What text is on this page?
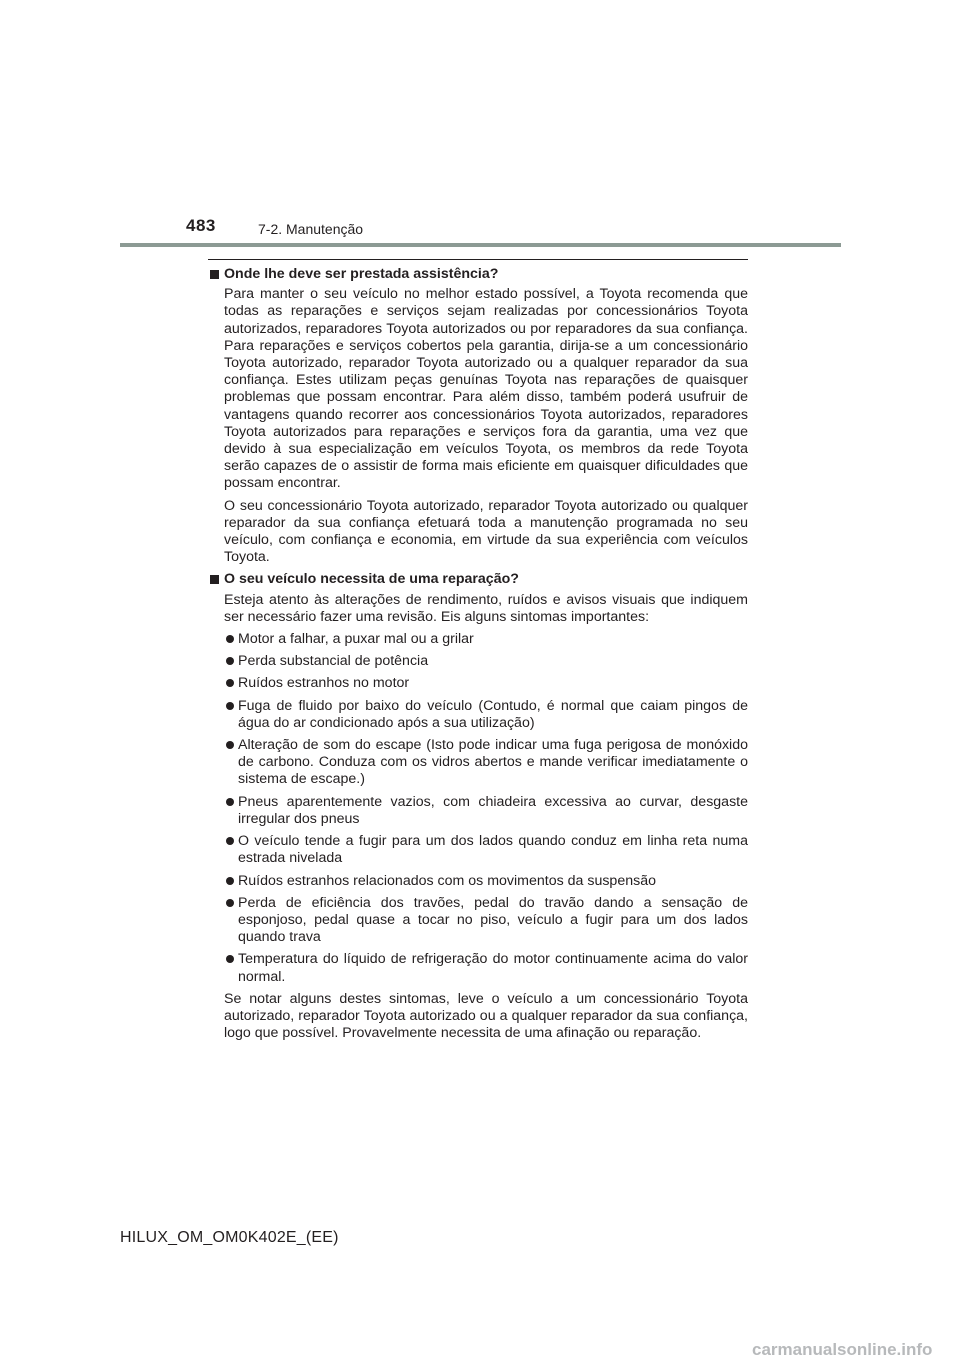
483	7-2. Manutenção
Onde lhe deve ser prestada assistência?
Para manter o seu veículo no melhor estado possível, a Toyota recomenda que todas as reparações e serviços sejam realizadas por concessionários Toyota autorizados, reparadores Toyota autorizados ou por reparadores da sua confiança. Para reparações e serviços cobertos pela garantia, dirija-se a um concessionário Toyota autorizado, reparador Toyota autorizado ou a qualquer reparador da sua confiança. Estes utilizam peças genuínas Toyota nas reparações de quaisquer problemas que possam encontrar. Para além disso, também poderá usufruir de vantagens quando recorrer aos concessionários Toyota autorizados, reparadores Toyota autorizados para reparações e serviços fora da garantia, uma vez que devido à sua especialização em veículos Toyota, os membros da rede Toyota serão capazes de o assistir de forma mais eficiente em quaisquer dificuldades que possam encontrar.
O seu concessionário Toyota autorizado, reparador Toyota autorizado ou qualquer reparador da sua confiança efetuará toda a manutenção programada no seu veículo, com confiança e economia, em virtude da sua experiência com veículos Toyota.
O seu veículo necessita de uma reparação?
Esteja atento às alterações de rendimento, ruídos e avisos visuais que indiquem ser necessário fazer uma revisão. Eis alguns sintomas importantes:
Motor a falhar, a puxar mal ou a grilar
Perda substancial de potência
Ruídos estranhos no motor
Fuga de fluido por baixo do veículo (Contudo, é normal que caiam pingos de água do ar condicionado após a sua utilização)
Alteração de som do escape (Isto pode indicar uma fuga perigosa de monóxido de carbono. Conduza com os vidros abertos e mande verificar imediatamente o sistema de escape.)
Pneus aparentemente vazios, com chiadeira excessiva ao curvar, desgaste irregular dos pneus
O veículo tende a fugir para um dos lados quando conduz em linha reta numa estrada nivelada
Ruídos estranhos relacionados com os movimentos da suspensão
Perda de eficiência dos travões, pedal do travão dando a sensação de esponjoso, pedal quase a tocar no piso, veículo a fugir para um dos lados quando trava
Temperatura do líquido de refrigeração do motor continuamente acima do valor normal.
Se notar alguns destes sintomas, leve o veículo a um concessionário Toyota autorizado, reparador Toyota autorizado ou a qualquer reparador da sua confiança, logo que possível. Provavelmente necessita de uma afinação ou reparação.
HILUX_OM_OM0K402E_(EE)
carmanualsonline.info
